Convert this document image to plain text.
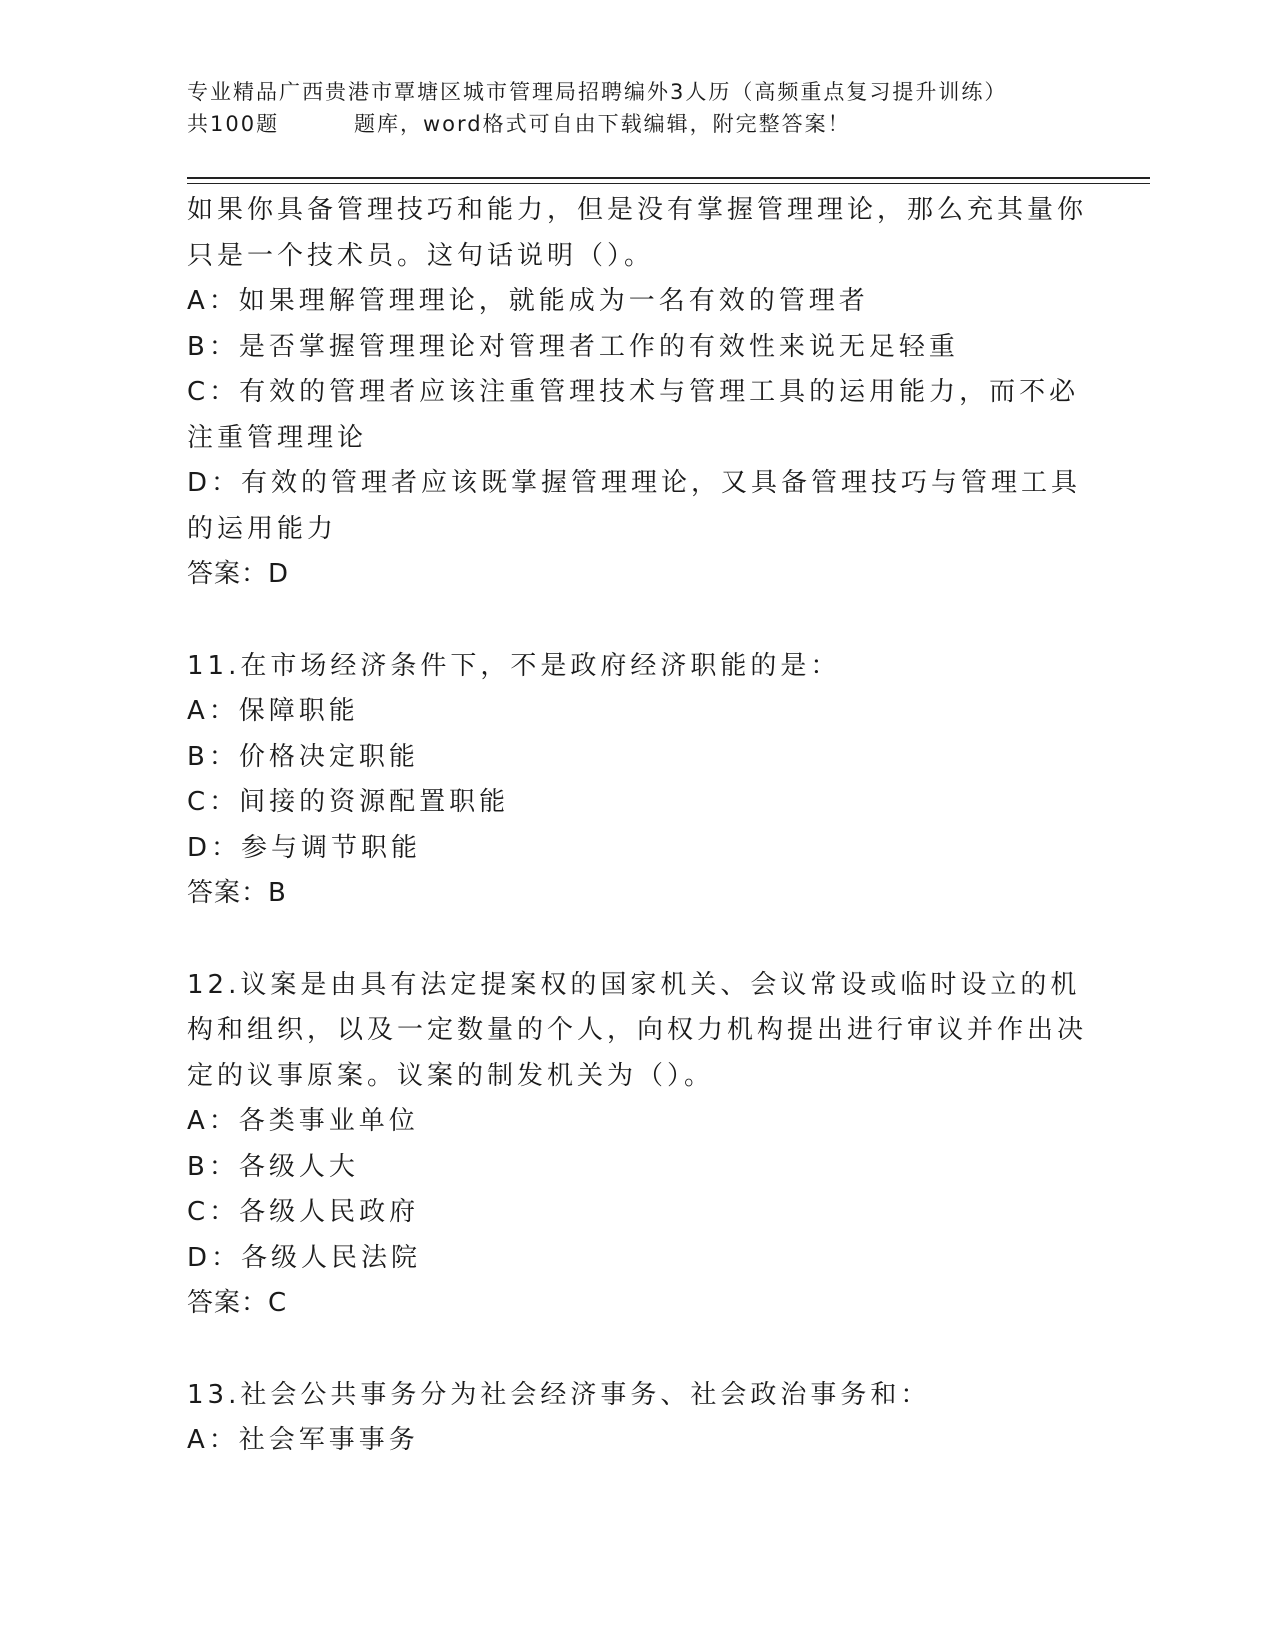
专业精品广西贵港市覃塘区城市管理局招聘编外3人历（高频重点复习提升训练）
共100题	题库，word格式可自由下载编辑，附完整答案！

如果你具备管理技巧和能力，但是没有掌握管理理论，那么充其量你只是一个技术员。这句话说明（）。

A：如果理解管理理论，就能成为一名有效的管理者

B：是否掌握管理理论对管理者工作的有效性来说无足轻重

C：有效的管理者应该注重管理技术与管理工具的运用能力，而不必注重管理理论

D：有效的管理者应该既掌握管理理论，又具备管理技巧与管理工具的运用能力

答案：D

11.在市场经济条件下，不是政府经济职能的是：

A：保障职能

B：价格决定职能

C：间接的资源配置职能

D：参与调节职能

答案：B

12.议案是由具有法定提案权的国家机关、会议常设或临时设立的机构和组织，以及一定数量的个人，向权力机构提出进行审议并作出决定的议事原案。议案的制发机关为（）。

A：各类事业单位

B：各级人大

C：各级人民政府

D：各级人民法院

答案：C

13.社会公共事务分为社会经济事务、社会政治事务和：

A：社会军事事务
